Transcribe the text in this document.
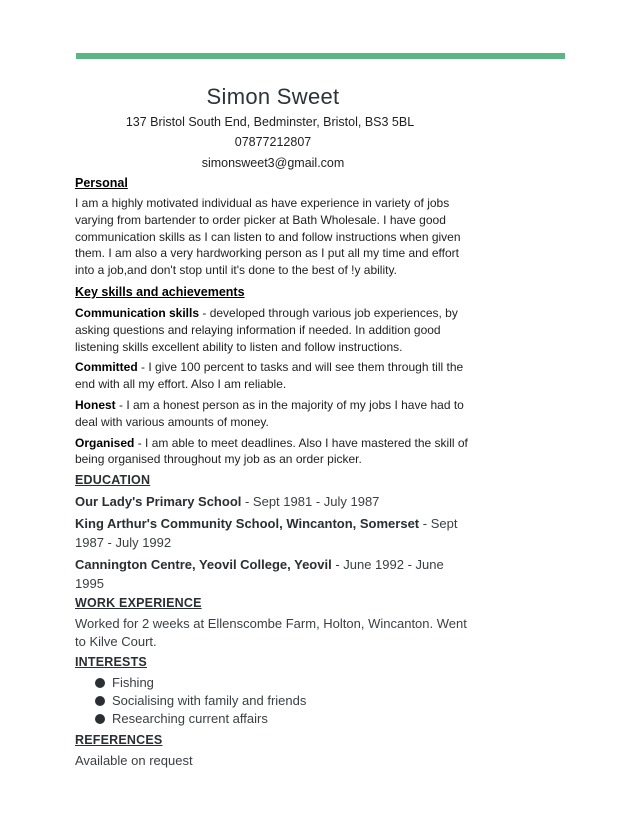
Simon Sweet
137 Bristol South End, Bedminster, Bristol, BS3 5BL
07877212807
simonsweet3@gmail.com

Personal

I am a highly motivated individual as have experience in variety of jobs varying from bartender to order picker at Bath Wholesale. I have good communication skills as I can listen to and follow instructions when given them. I am also a very hardworking person as I put all my time and effort into a job,and don't stop until it's done to the best of !y ability.

Key skills and achievements

Communication skills - developed through various job experiences, by asking questions and relaying information if needed. In addition good listening skills excellent ability to listen and follow instructions.

Committed - I give 100 percent to tasks and will see them through till the end with all my effort. Also I am reliable.

Honest - I am a honest person as in the majority of my jobs I have had to deal with various amounts of money.

Organised - I am able to meet deadlines. Also I have mastered the skill of being organised throughout my job as an order picker.

EDUCATION

Our Lady's Primary School - Sept 1981 - July 1987

King Arthur's Community School, Wincanton, Somerset - Sept 1987 - July 1992

Cannington Centre, Yeovil College, Yeovil - June 1992 - June 1995

WORK EXPERIENCE

Worked for 2 weeks at Ellenscombe Farm, Holton, Wincanton. Went to Kilve Court.

INTERESTS

Fishing
Socialising with family and friends
Researching current affairs

REFERENCES

Available on request
